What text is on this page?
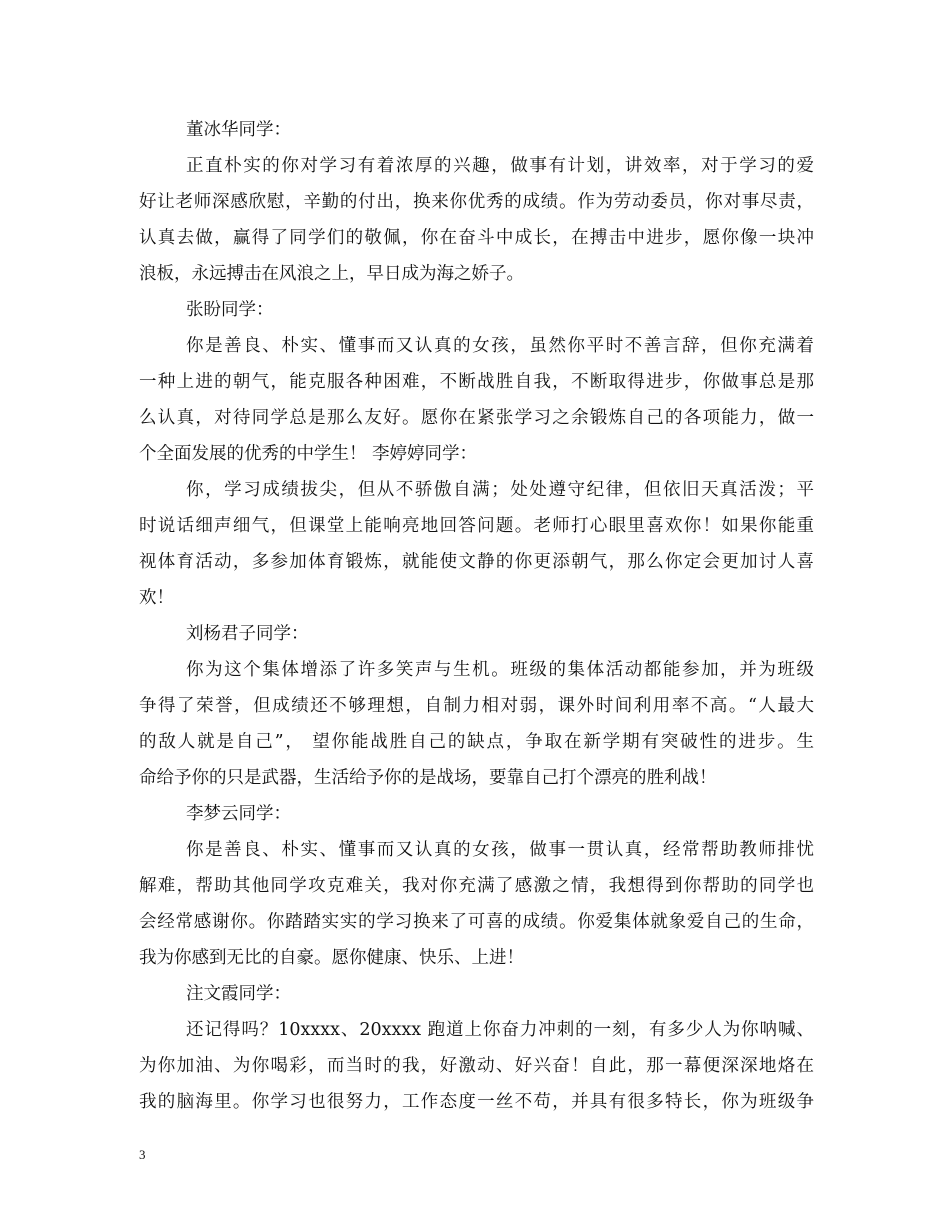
董冰华同学：
正直朴实的你对学习有着浓厚的兴趣，做事有计划，讲效率，对于学习的爱
好让老师深感欣慰，辛勤的付出，换来你优秀的成绩。作为劳动委员，你对事尽责，
认真去做，赢得了同学们的敬佩，你在奋斗中成长，在搏击中进步，愿你像一块冲
浪板，永远搏击在风浪之上，早日成为海之娇子。
张盼同学：
你是善良、朴实、懂事而又认真的女孩，虽然你平时不善言辞，但你充满着
一种上进的朝气，能克服各种困难，不断战胜自我，不断取得进步，你做事总是那
么认真，对待同学总是那么友好。愿你在紧张学习之余锻炼自己的各项能力，做一
个全面发展的优秀的中学生！ 李婷婷同学：
你，学习成绩拔尖，但从不骄傲自满；处处遵守纪律，但依旧天真活泼；平
时说话细声细气，但课堂上能响亮地回答问题。老师打心眼里喜欢你！如果你能重
视体育活动，多参加体育锻炼，就能使文静的你更添朝气，那么你定会更加讨人喜
欢！
刘杨君子同学：
你为这个集体增添了许多笑声与生机。班级的集体活动都能参加，并为班级
争得了荣誉，但成绩还不够理想，自制力相对弱，课外时间利用率不高。“人最大
的敌人就是自己”， 望你能战胜自己的缺点，争取在新学期有突破性的进步。生
命给予你的只是武器，生活给予你的是战场，要靠自己打个漂亮的胜利战！
李梦云同学：
你是善良、朴实、懂事而又认真的女孩，做事一贯认真，经常帮助教师排忧
解难，帮助其他同学攻克难关，我对你充满了感激之情，我想得到你帮助的同学也
会经常感谢你。你踏踏实实的学习换来了可喜的成绩。你爱集体就象爱自己的生命，
我为你感到无比的自豪。愿你健康、快乐、上进！
注文霞同学：
还记得吗？10xxxx、20xxxx 跑道上你奋力冲刺的一刻，有多少人为你呐喊、
为你加油、为你喝彩，而当时的我，好激动、好兴奋！自此，那一幕便深深地烙在
我的脑海里。你学习也很努力，工作态度一丝不苟，并具有很多特长，你为班级争
3
